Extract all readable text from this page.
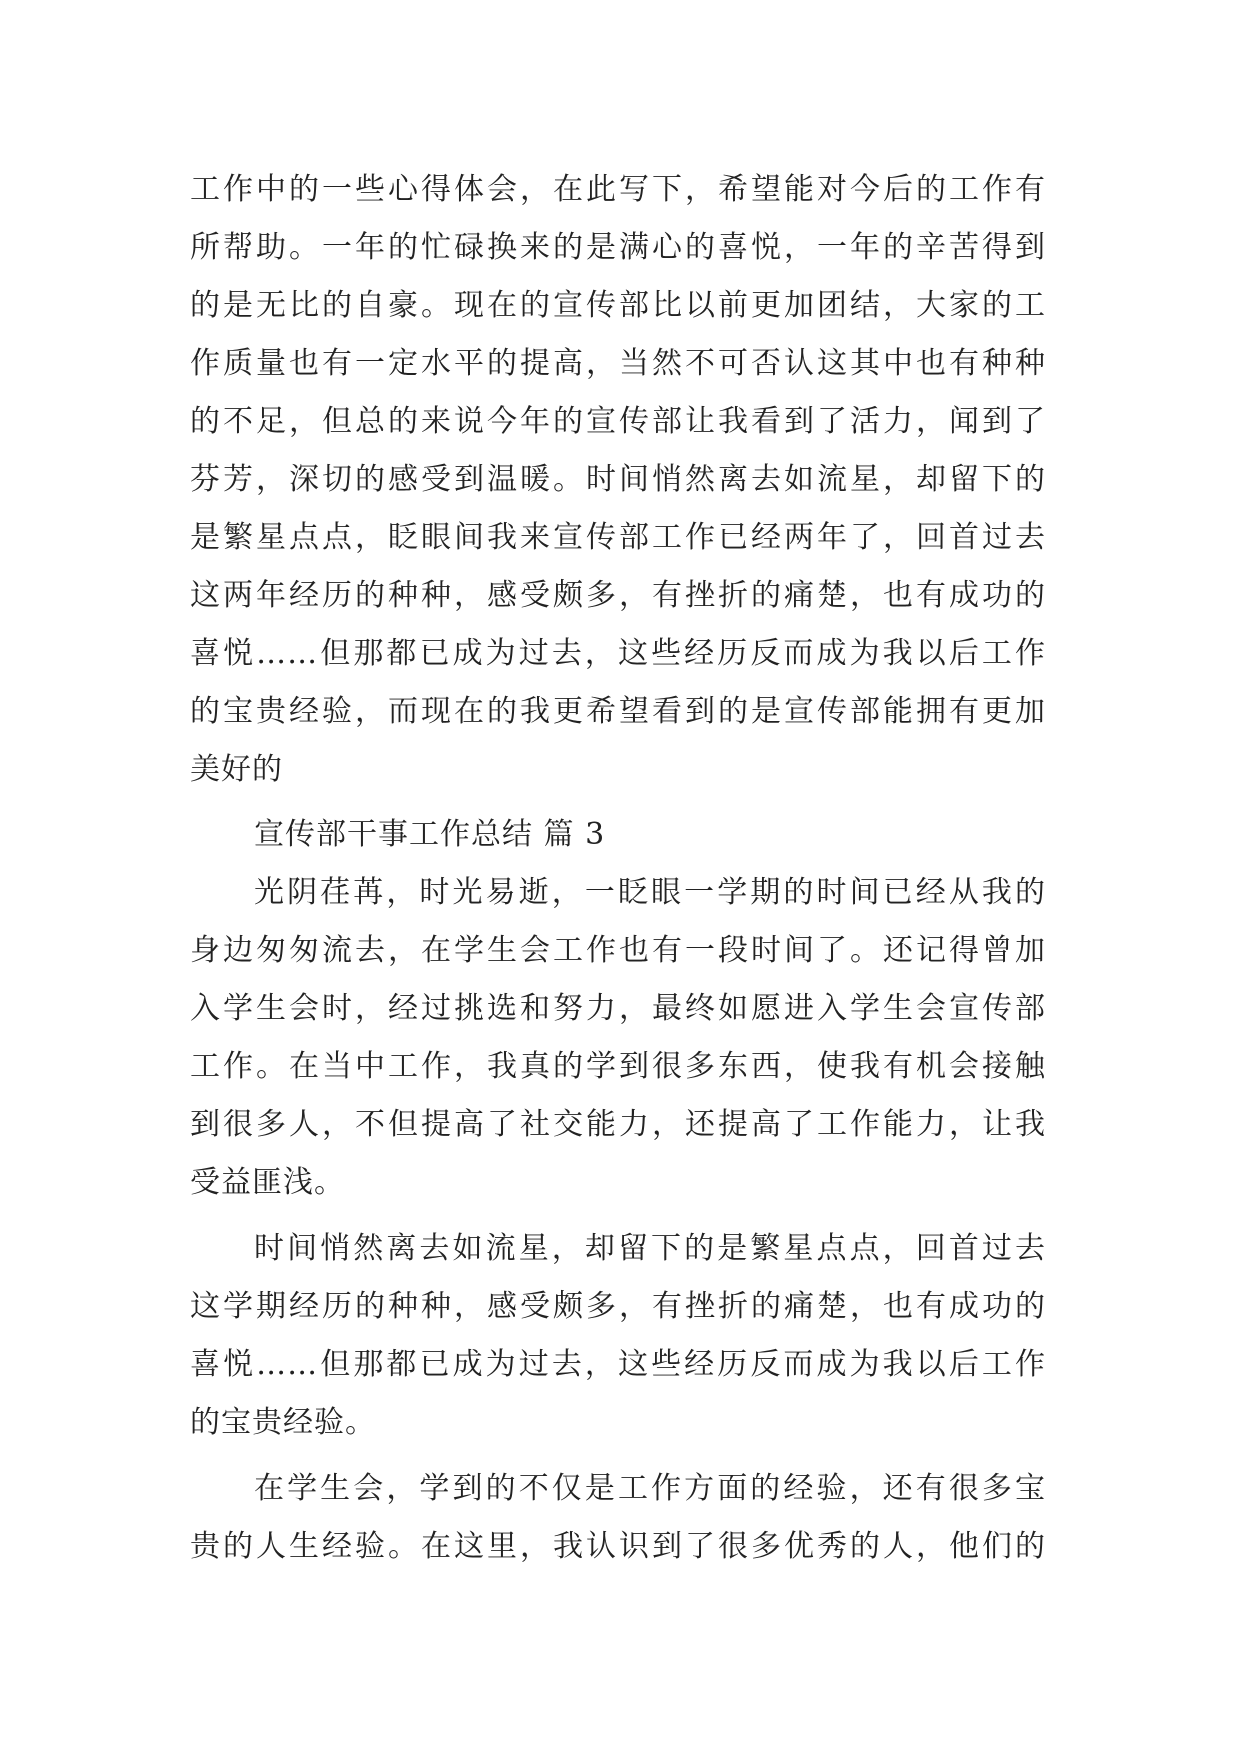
工作中的一些心得体会，在此写下，希望能对今后的工作有
所帮助。一年的忙碌换来的是满心的喜悦，一年的辛苦得到
的是无比的自豪。现在的宣传部比以前更加团结，大家的工
作质量也有一定水平的提高，当然不可否认这其中也有种种
的不足，但总的来说今年的宣传部让我看到了活力，闻到了
芬芳，深切的感受到温暖。时间悄然离去如流星，却留下的
是繁星点点，眨眼间我来宣传部工作已经两年了，回首过去
这两年经历的种种，感受颇多，有挫折的痛楚，也有成功的
喜悦……但那都已成为过去，这些经历反而成为我以后工作
的宝贵经验，而现在的我更希望看到的是宣传部能拥有更加
美好的
宣传部干事工作总结 篇 3
光阴荏苒，时光易逝，一眨眼一学期的时间已经从我的
身边匆匆流去，在学生会工作也有一段时间了。还记得曾加
入学生会时，经过挑选和努力，最终如愿进入学生会宣传部
工作。在当中工作，我真的学到很多东西，使我有机会接触
到很多人，不但提高了社交能力，还提高了工作能力，让我
受益匪浅。
时间悄然离去如流星，却留下的是繁星点点，回首过去
这学期经历的种种，感受颇多，有挫折的痛楚，也有成功的
喜悦……但那都已成为过去，这些经历反而成为我以后工作
的宝贵经验。
在学生会，学到的不仅是工作方面的经验，还有很多宝
贵的人生经验。在这里，我认识到了很多优秀的人，他们的
